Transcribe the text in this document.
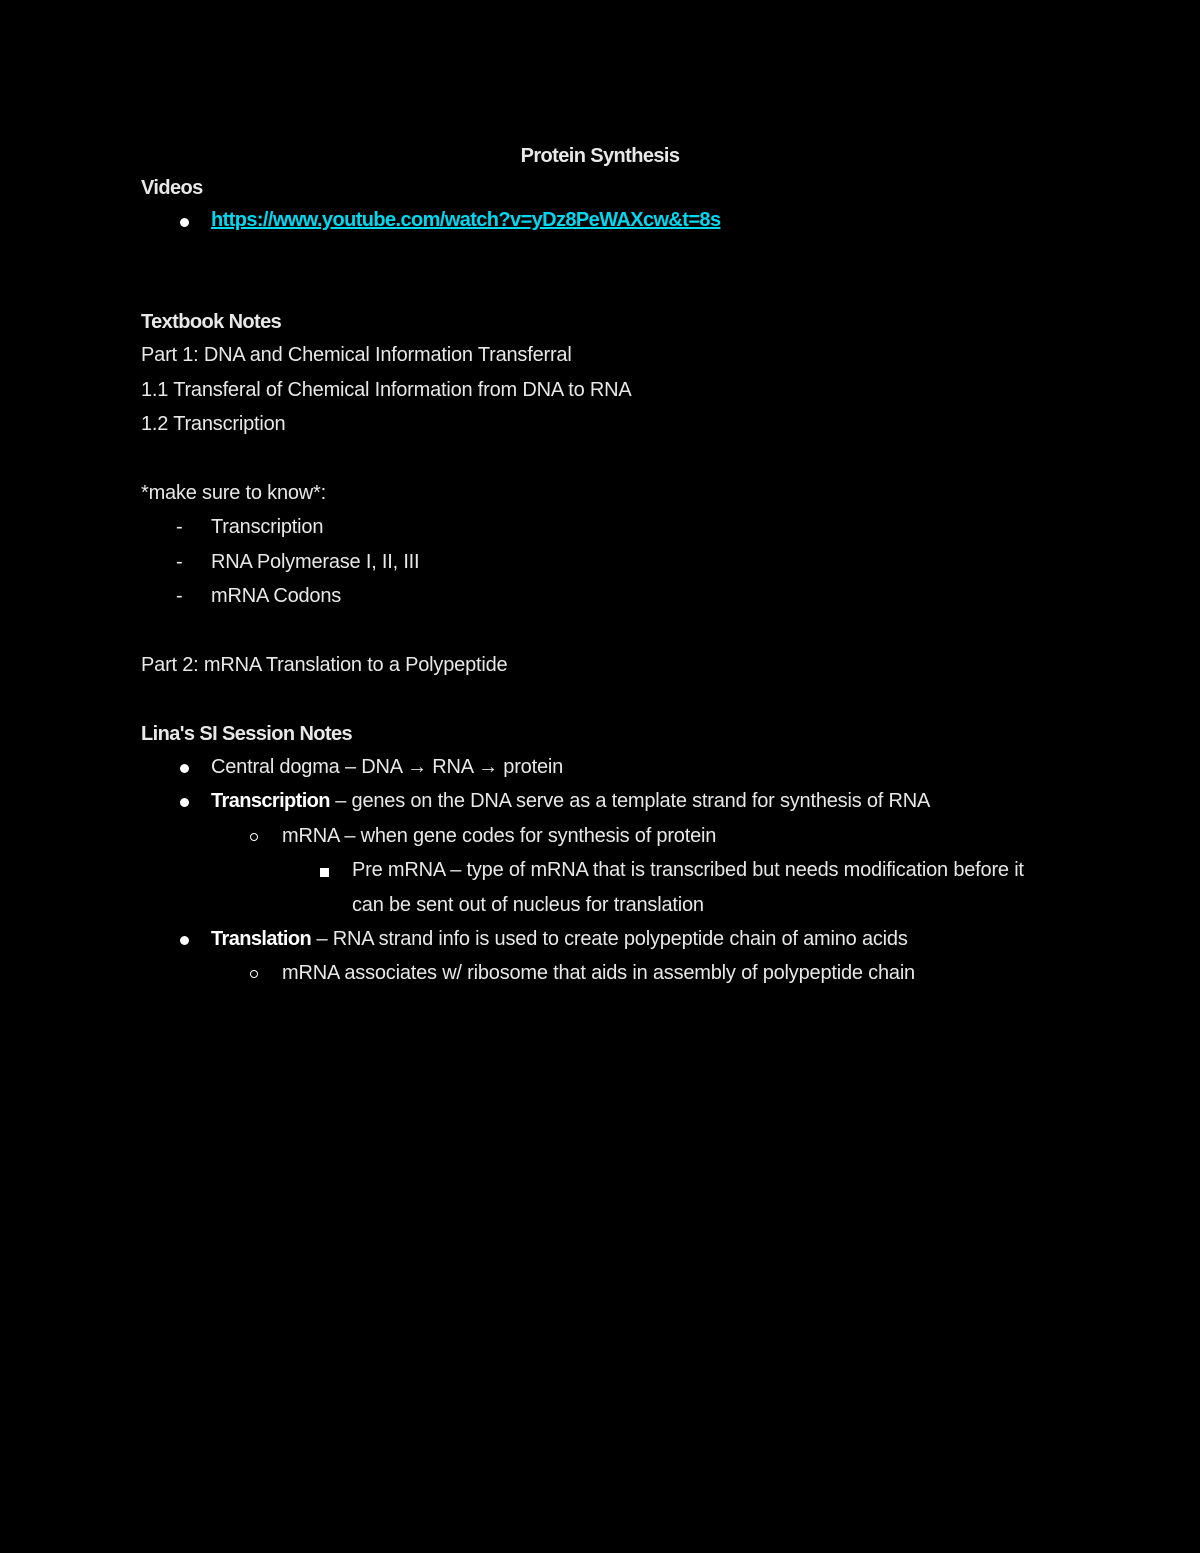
Protein Synthesis
Videos
https://www.youtube.com/watch?v=yDz8PeWAXcw&t=8s
Textbook Notes
Part 1: DNA and Chemical Information Transferral
1.1 Transferal of Chemical Information from DNA to RNA
1.2 Transcription
*make sure to know*:
- Transcription
- RNA Polymerase I, II, III
- mRNA Codons
Part 2: mRNA Translation to a Polypeptide
Lina's SI Session Notes
Central dogma – DNA → RNA → protein
Transcription – genes on the DNA serve as a template strand for synthesis of RNA
mRNA – when gene codes for synthesis of protein
Pre mRNA – type of mRNA that is transcribed but needs modification before it
can be sent out of nucleus for translation
Translation – RNA strand info is used to create polypeptide chain of amino acids
mRNA associates w/ ribosome that aids in assembly of polypeptide chain
